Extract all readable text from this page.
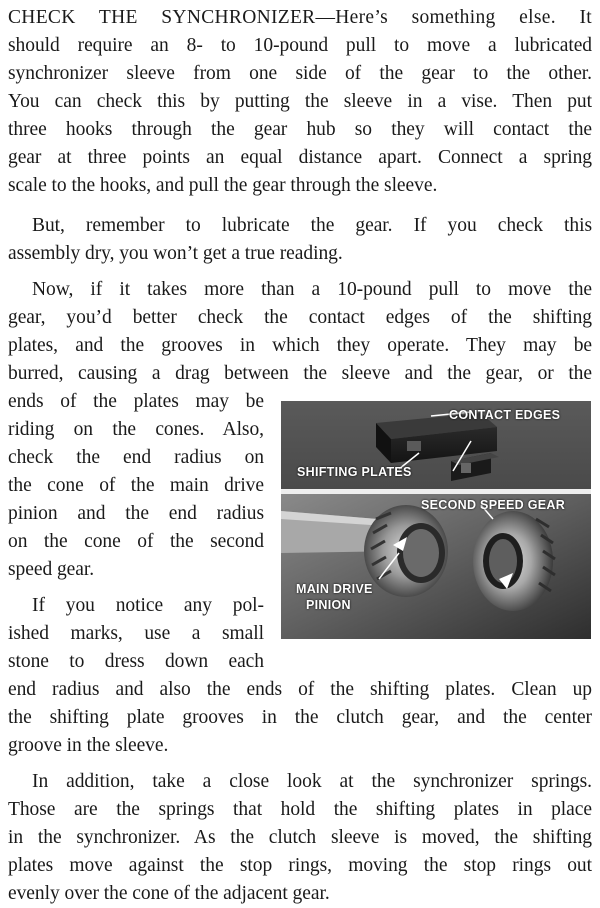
CHECK THE SYNCHRONIZER—Here’s something else. It
should require an 8- to 10-pound pull to move a lubricated
synchronizer sleeve from one side of the gear to the other.
You can check this by putting the sleeve in a vise. Then put
three hooks through the gear hub so they will contact the
gear at three points an equal distance apart. Connect a spring
scale to the hooks, and pull the gear through the sleeve.
But, remember to lubricate the gear. If you check this
assembly dry, you won’t get a true reading.
Now, if it takes more than a 10-pound pull to move the
gear, you’d better check the contact edges of the shifting
plates, and the grooves in which they operate. They may be
burred, causing a drag between the sleeve and the gear, or the
ends of the plates may be
riding on the cones. Also,
check the end radius on
the cone of the main drive
pinion and the end radius
on the cone of the second
speed gear.
If you notice any pol-
ished marks, use a small
stone to dress down each
end radius and also the ends of the shifting plates. Clean up
the shifting plate grooves in the clutch gear, and the center
groove in the sleeve.
In addition, take a close look at the synchronizer springs.
Those are the springs that hold the shifting plates in place
in the synchronizer. As the clutch sleeve is moved, the shifting
plates move against the stop rings, moving the stop rings out
evenly over the cone of the adjacent gear.
CONTACT EDGES
SHIFTING PLATES
SECOND SPEED GEAR
MAIN DRIVE
PINION
